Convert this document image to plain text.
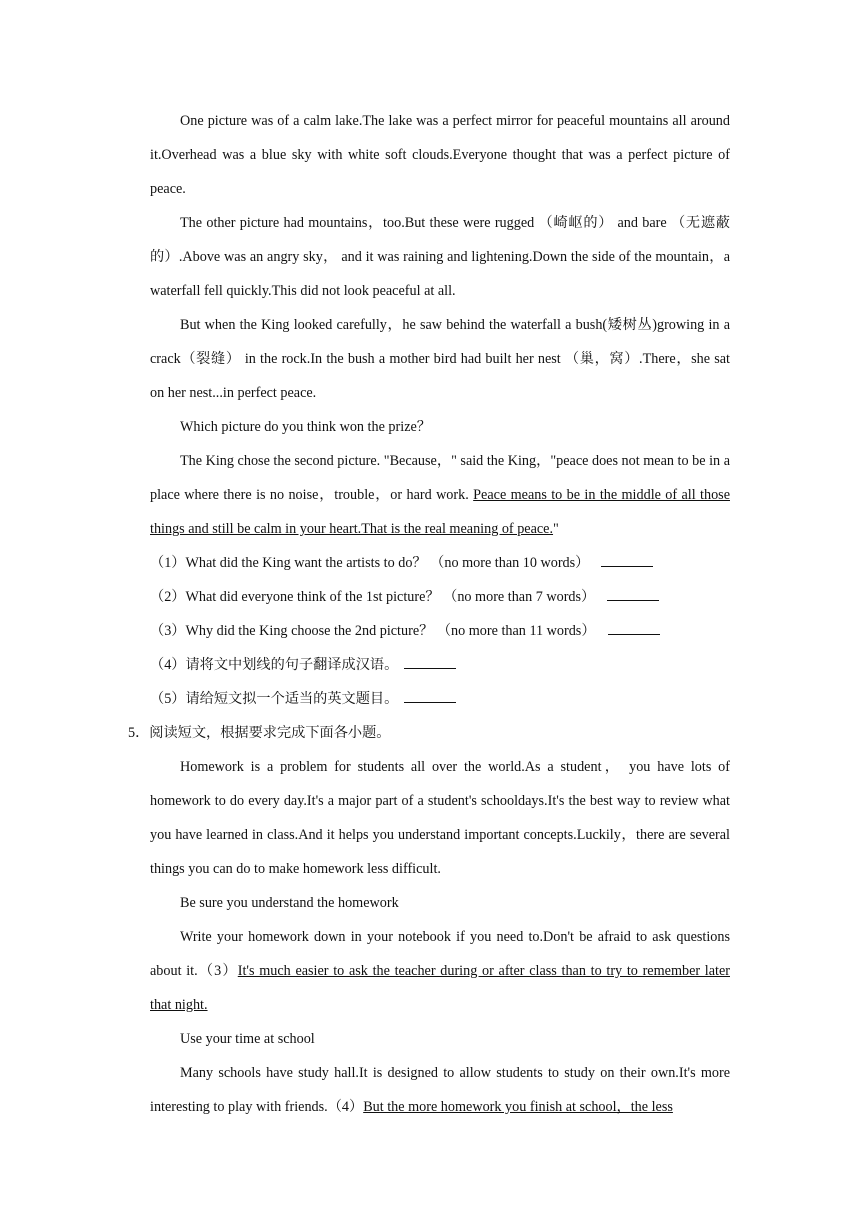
One picture was of a calm lake.The lake was a perfect mirror for peaceful mountains all around it.Overhead was a blue sky with white soft clouds.Everyone thought that was a perfect picture of peace.

The other picture had mountains，too.But these were rugged （崎岖的） and bare （无遮蔽的）.Above was an angry sky， and it was raining and lightening.Down the side of the mountain，a waterfall fell quickly.This did not look peaceful at all.

But when the King looked carefully，he saw behind the waterfall a bush(矮树丛)growing in a crack（裂缝） in the rock.In the bush a mother bird had built her nest （巢，窝）.There，she sat on her nest...in perfect peace.

Which picture do you think won the prize？

The King chose the second picture. "Because，" said the King，"peace does not mean to be in a place where there is no noise，trouble，or hard work. Peace means to be in the middle of all those things and still be calm in your heart.That is the real meaning of peace."

（1）What did the King want the artists to do？ （no more than 10 words）

（2）What did everyone think of the 1st picture？ （no more than 7 words）

（3）Why did the King choose the 2nd picture？ （no more than 11 words）

（4）请将文中划线的句子翻译成汉语。

（5）请给短文拟一个适当的英文题目。

5．阅读短文，根据要求完成下面各小题。

Homework is a problem for students all over the world.As a student， you have lots of homework to do every day.It's a major part of a student's schooldays.It's the best way to review what you have learned in class.And it helps you understand important concepts.Luckily，there are several things you can do to make homework less difficult.

Be sure you understand the homework

Write your homework down in your notebook if you need to.Don't be afraid to ask questions about it.（3）It's much easier to ask the teacher during or after class than to try to remember later that night.

Use your time at school

Many schools have study hall.It is designed to allow students to study on their own.It's more interesting to play with friends.（4）But the more homework you finish at school，the less
